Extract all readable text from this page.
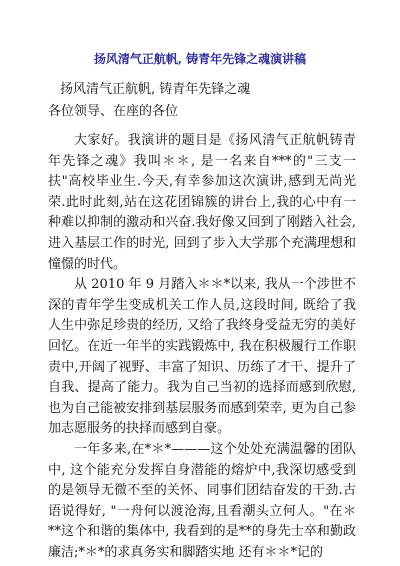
扬风清气正航帆, 铸青年先锋之魂演讲稿
扬风清气正航帆, 铸青年先锋之魂
各位领导、在座的各位

大家好。我演讲的题目是《扬风清气正航帆铸青年先锋之魂》我叫＊＊, 是一名来自***的"三支一扶"高校毕业生.今天,有幸参加这次演讲,感到无尚光荣.此时此刻,站在这花团锦簇的讲台上,我的心中有一种难以抑制的激动和兴奋.我好像又回到了刚踏入社会, 进入基层工作的时光, 回到了步入大学那个充满理想和憧憬的时代。

从 2010 年 9 月踏入＊＊*以来, 我从一个涉世不深的青年学生变成机关工作人员,这段时间, 既给了我人生中弥足珍贵的经历, 又给了我终身受益无穷的美好回忆。在近一年半的实践锻炼中, 我在积极履行工作职责中,开阔了视野、丰富了知识、历练了才干、提升了自我、提高了能力。我为自己当初的选择而感到欣慰, 也为自己能被安排到基层服务而感到荣幸, 更为自己参加志愿服务的抉择而感到自豪。

一年多来,在*＊*———这个处处充满温馨的团队中, 这个能充分发挥自身潜能的熔炉中,我深切感受到的是领导无微不至的关怀、同事们团结奋发的干劲.古语说得好, "一舟何以渡沧海,且看潮头立何人。"在＊**这个和谐的集体中, 我看到的是**的身先士卒和勤政廉洁;*＊*的求真务实和脚踏实地 还有＊＊*记的
